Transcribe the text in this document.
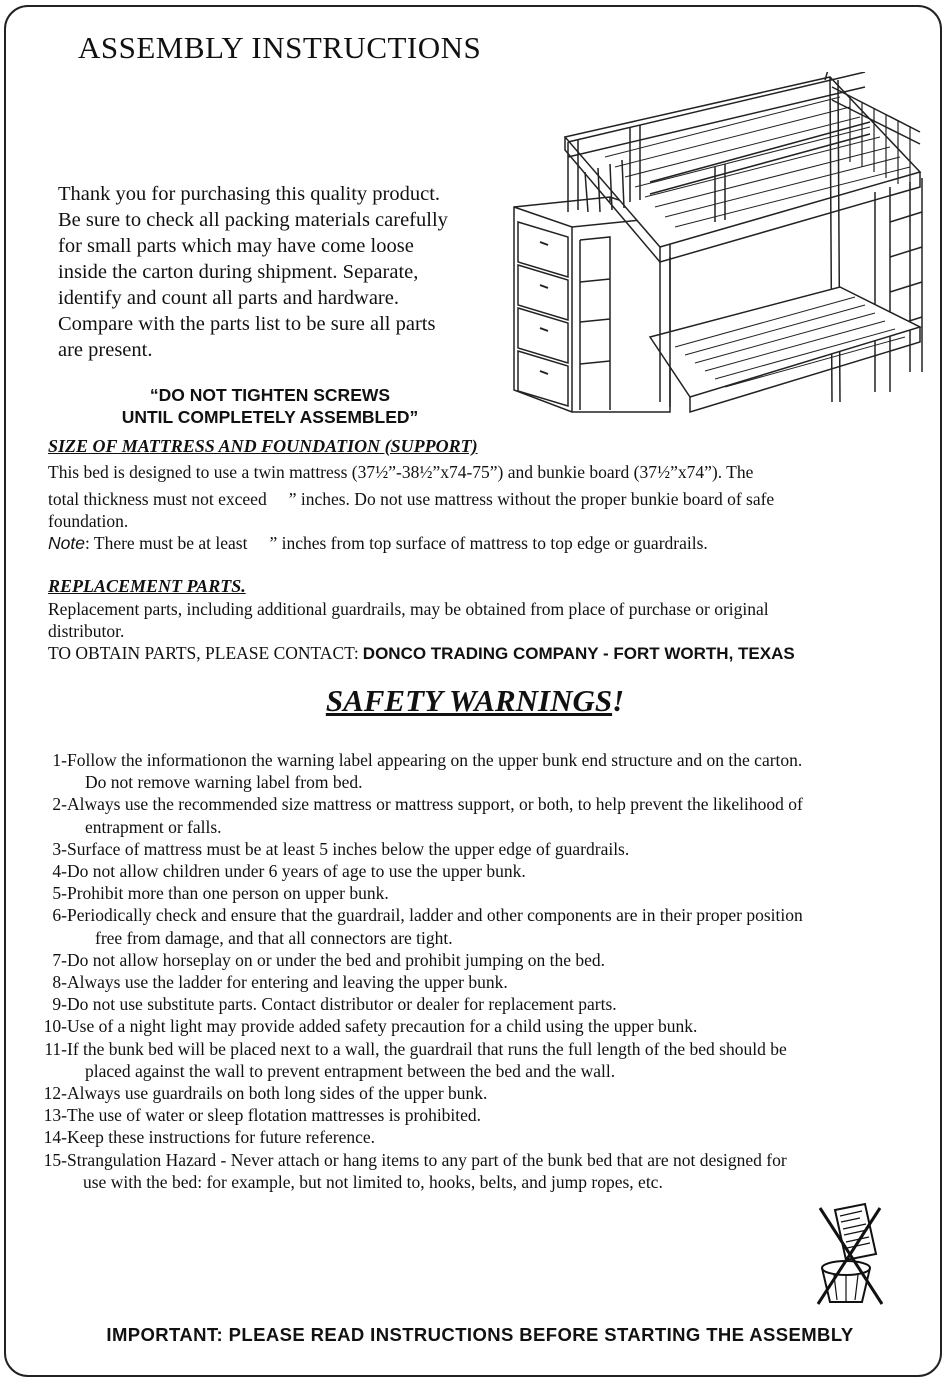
ASSEMBLY INSTRUCTIONS
Thank you for purchasing this quality product.
Be sure to check all packing materials carefully
for small parts which may have come loose
inside the carton during shipment. Separate,
identify and count all parts and hardware.
Compare with the parts list to be sure all parts
are present.
“DO NOT TIGHTEN SCREWS
UNTIL COMPLETELY ASSEMBLED”
SIZE OF MATTRESS AND FOUNDATION (SUPPORT)
This bed is designed to use a twin mattress (37½”-38½”x74-75”) and bunkie board (37½”x74”). The
total thickness must not exceed ” inches. Do not use mattress without the proper bunkie board of safe
foundation.
Note: There must be at least ” inches from top surface of mattress to top edge or guardrails.
REPLACEMENT PARTS.
Replacement parts, including additional guardrails, may be obtained from place of purchase or original
distributor.
TO OBTAIN PARTS, PLEASE CONTACT: DONCO TRADING COMPANY - FORT WORTH, TEXAS
SAFETY WARNINGS!
1- Follow the informationon the warning label appearing on the upper bunk end structure and on the carton.
Do not remove warning label from bed.
2- Always use the recommended size mattress or mattress support, or both, to help prevent the likelihood of
entrapment or falls.
3- Surface of mattress must be at least 5 inches below the upper edge of guardrails.
4- Do not allow children under 6 years of age to use the upper bunk.
5- Prohibit more than one person on upper bunk.
6- Periodically check and ensure that the guardrail, ladder and other components are in their proper position
free from damage, and that all connectors are tight.
7- Do not allow horseplay on or under the bed and prohibit jumping on the bed.
8- Always use the ladder for entering and leaving the upper bunk.
9- Do not use substitute parts. Contact distributor or dealer for replacement parts.
10- Use of a night light may provide added safety precaution for a child using the upper bunk.
11- If the bunk bed will be placed next to a wall, the guardrail that runs the full length of the bed should be
placed against the wall to prevent entrapment between the bed and the wall.
12- Always use guardrails on both long sides of the upper bunk.
13- The use of water or sleep flotation mattresses is prohibited.
14- Keep these instructions for future reference.
15- Strangulation Hazard - Never attach or hang items to any part of the bunk bed that are not designed for
use with the bed: for example, but not limited to, hooks, belts, and jump ropes, etc.
IMPORTANT: PLEASE READ INSTRUCTIONS BEFORE STARTING THE ASSEMBLY
